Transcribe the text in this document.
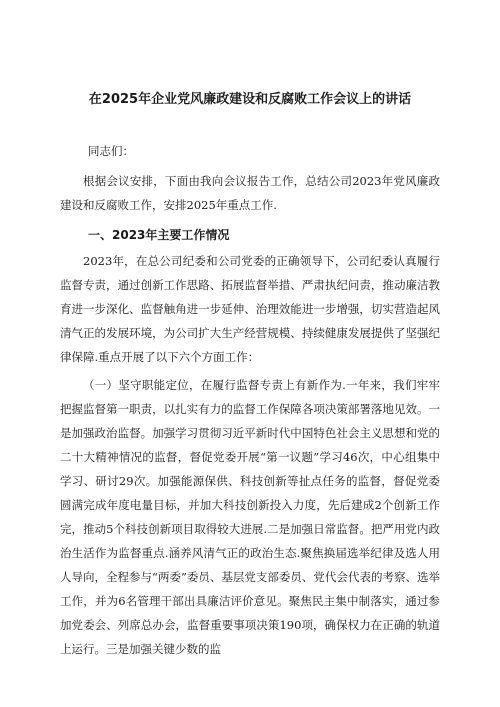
在2025年企业党风廉政建设和反腐败工作会议上的讲话
同志们：

根据会议安排，下面由我向会议报告工作，总结公司2023年党风廉政建设和反腐败工作，安排2025年重点工作.

一、2023年主要工作情况

2023年，在总公司纪委和公司党委的正确领导下，公司纪委认真履行监督专责，通过创新工作思路、拓展监督举措、严肃执纪问责，推动廉洁教育进一步深化、监督触角进一步延伸、治理效能进一步增强，切实营造起风清气正的发展环境，为公司扩大生产经营规模、持续健康发展提供了坚强纪律保障.重点开展了以下六个方面工作：

（一）坚守职能定位，在履行监督专责上有新作为.一年来，我们牢牢把握监督第一职责，以扎实有力的监督工作保障各项决策部署落地见效。一是加强政治监督。加强学习贯彻习近平新时代中国特色社会主义思想和党的二十大精神情况的监督，督促党委开展“第一议题”学习46次，中心组集中学习、研讨29次。加强能源保供、科技创新等扯点任务的监督，督促党委圆满完成年度电量目标，并加大科技创新投入力度，先后建成2个创新工作完，推动5个科技创新项目取得较大进展.二是加强日常监督。把严用党内政治生活作为监督重点.涵养风清气正的政治生态.聚焦换届选举纪律及选人用人导向，全程参与“两委”委员、基层党支部委员、党代会代表的考察、选举工作，并为6名管理干部出具廉洁评价意见。聚焦民主集中制落实，通过参加党委会、列席总办会，监督重要事项决策190项，确保权力在正确的轨道上运行。三是加强关键少数的监
